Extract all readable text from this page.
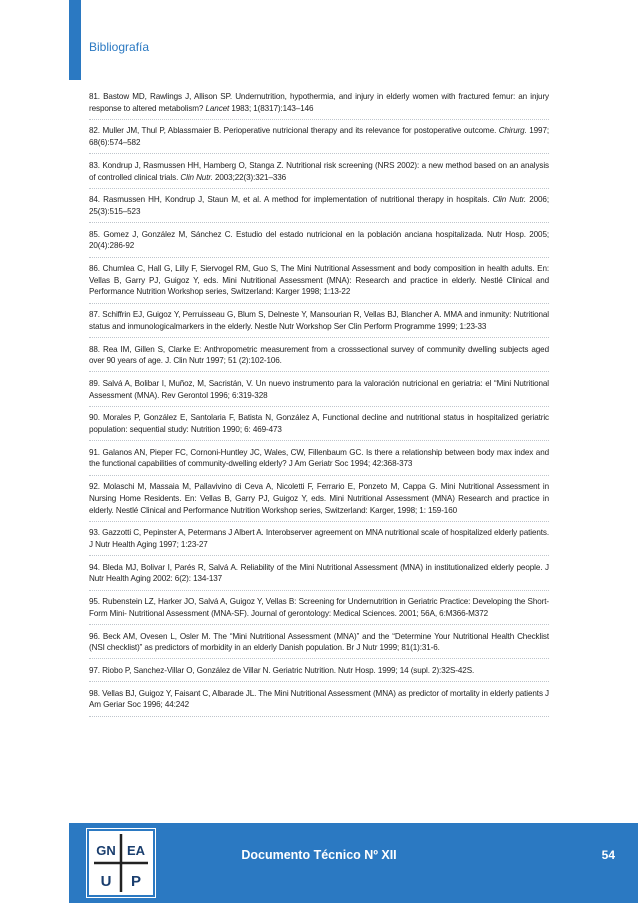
Bibliografía

81. Bastow MD, Rawlings J, Allison SP. Undernutrition, hypothermia, and injury in elderly women with fractured femur: an injury response to altered metabolism? Lancet 1983; 1(8317):143–146

82. Muller JM, Thul P, Ablassmaier B. Perioperative nutricional therapy and its relevance for postoperative outcome. Chirurg. 1997; 68(6):574–582

83. Kondrup J, Rasmussen HH, Hamberg O, Stanga Z. Nutritional risk screening (NRS 2002): a new method based on an analysis of controlled clinical trials. Clin Nutr. 2003;22(3):321–336

84. Rasmussen HH, Kondrup J, Staun M, et al. A method for implementation of nutritional therapy in hospitals. Clin Nutr. 2006; 25(3):515–523

85. Gomez J, González M, Sánchez C. Estudio del estado nutricional en la población anciana hospitalizada. Nutr Hosp. 2005; 20(4):286-92

86. Chumlea C, Hall G, Lilly F, Siervogel RM, Guo S, The Mini Nutritional Assessment and body composition in health adults. En: Vellas B, Garry PJ, Guigoz Y, eds. Mini Nutritional Assessment (MNA): Research and practice in elderly. Nestlé Clinical and Performance Nutrition Workshop series, Switzerland: Karger 1998; 1:13-22

87. Schiffrin EJ, Guigoz Y, Perruisseau G, Blum S, Delneste Y, Mansourian R, Vellas BJ, Blancher A. MMA and inmunity: Nutritional status and inmunologicalmarkers in the elderly. Nestle Nutr Workshop Ser Clin Perform Programme 1999; 1:23-33

88. Rea IM, Gillen S, Clarke E: Anthropometric measurement from a crosssectional survey of community dwelling subjects aged over 90 years of age. J. Clin Nutr 1997; 51 (2):102-106.

89. Salvá A, Bolibar I, Muñoz, M, Sacristán, V. Un nuevo instrumento para la valoración nutricional en geriatria: el “Mini Nutritional Assessment (MNA). Rev Gerontol 1996; 6:319-328

90. Morales P, González E, Santolaria F, Batista N, González A, Functional decline and nutritional status in hospitalized geriatric population: sequential study: Nutrition 1990; 6: 469-473

91. Galanos AN, Pieper FC, Cornoni-Huntley JC, Wales, CW, Fillenbaum GC. Is there a relationship between body max index and the functional capabilities of community-dwelling elderly? J Am Geriatr Soc 1994; 42:368-373

92. Molaschi M, Massaia M, Pallavivino di Ceva A, Nicoletti F, Ferrario E, Ponzeto M, Cappa G. Mini Nutritional Assessment in Nursing Home Residents. En: Vellas B, Garry PJ, Guigoz Y, eds. Mini Nutritional Assessment (MNA) Research and practice in elderly. Nestlé Clinical and Performance Nutrition Workshop series, Switzerland: Karger, 1998; 1: 159-160

93. Gazzotti C, Pepinster A, Petermans J Albert A. Interobserver agreement on MNA nutritional scale of hospitalized elderly patients. J Nutr Health Aging 1997; 1:23-27

94. Bleda MJ, Bolivar I, Parés R, Salvá A. Reliability of the Mini Nutritional Assessment (MNA) in institutionalized elderly people. J Nutr Health Aging 2002: 6(2): 134-137

95. Rubenstein LZ, Harker JO, Salvá A, Guigoz Y, Vellas B: Screening for Undernutrition in Geriatric Practice: Developing the Short-Form Mini- Nutritional Assessment (MNA-SF). Journal of gerontology: Medical Sciences. 2001; 56A, 6:M366-M372

96. Beck AM, Ovesen L, Osler M. The “Mini Nutritional Assessment (MNA)” and the “Determine Your Nutritional Health Checklist (NSI checklist)” as predictors of morbidity in an elderly Danish population. Br J Nutr 1999; 81(1):31-6.

97. Riobo P, Sanchez-Villar O, González de Villar N. Geriatric Nutrition. Nutr Hosp. 1999; 14 (supl. 2):32S-42S.

98. Vellas BJ, Guigoz Y, Faisant C, Albarade JL. The Mini Nutritional Assessment (MNA) as predictor of mortality in elderly patients J Am Geriar Soc 1996; 44:242

GN EA
U P
Documento Técnico Nº XII	54
